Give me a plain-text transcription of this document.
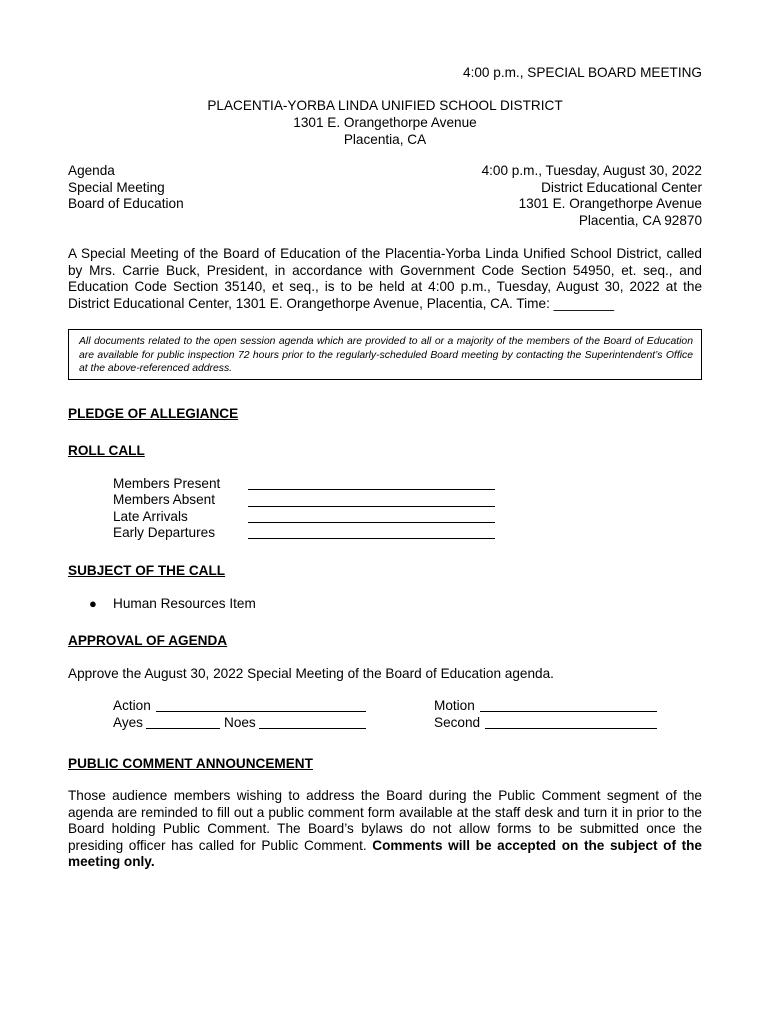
4:00 p.m., SPECIAL BOARD MEETING
PLACENTIA-YORBA LINDA UNIFIED SCHOOL DISTRICT
1301 E. Orangethorpe Avenue
Placentia, CA
Agenda
Special Meeting
Board of Education
4:00 p.m., Tuesday, August 30, 2022
District Educational Center
1301 E. Orangethorpe Avenue
Placentia, CA 92870
A Special Meeting of the Board of Education of the Placentia-Yorba Linda Unified School District, called by Mrs. Carrie Buck, President, in accordance with Government Code Section 54950, et. seq., and Education Code Section 35140, et seq., is to be held at 4:00 p.m., Tuesday, August 30, 2022 at the District Educational Center, 1301 E. Orangethorpe Avenue, Placentia, CA. Time: ________
All documents related to the open session agenda which are provided to all or a majority of the members of the Board of Education are available for public inspection 72 hours prior to the regularly-scheduled Board meeting by contacting the Superintendent’s Office at the above-referenced address.
PLEDGE OF ALLEGIANCE
ROLL CALL
Members Present
Members Absent
Late Arrivals
Early Departures
SUBJECT OF THE CALL
● Human Resources Item
APPROVAL OF AGENDA
Approve the August 30, 2022 Special Meeting of the Board of Education agenda.
Action
Ayes	Noes
Motion
Second
PUBLIC COMMENT ANNOUNCEMENT
Those audience members wishing to address the Board during the Public Comment segment of the agenda are reminded to fill out a public comment form available at the staff desk and turn it in prior to the Board holding Public Comment. The Board’s bylaws do not allow forms to be submitted once the presiding officer has called for Public Comment. Comments will be accepted on the subject of the meeting only.
